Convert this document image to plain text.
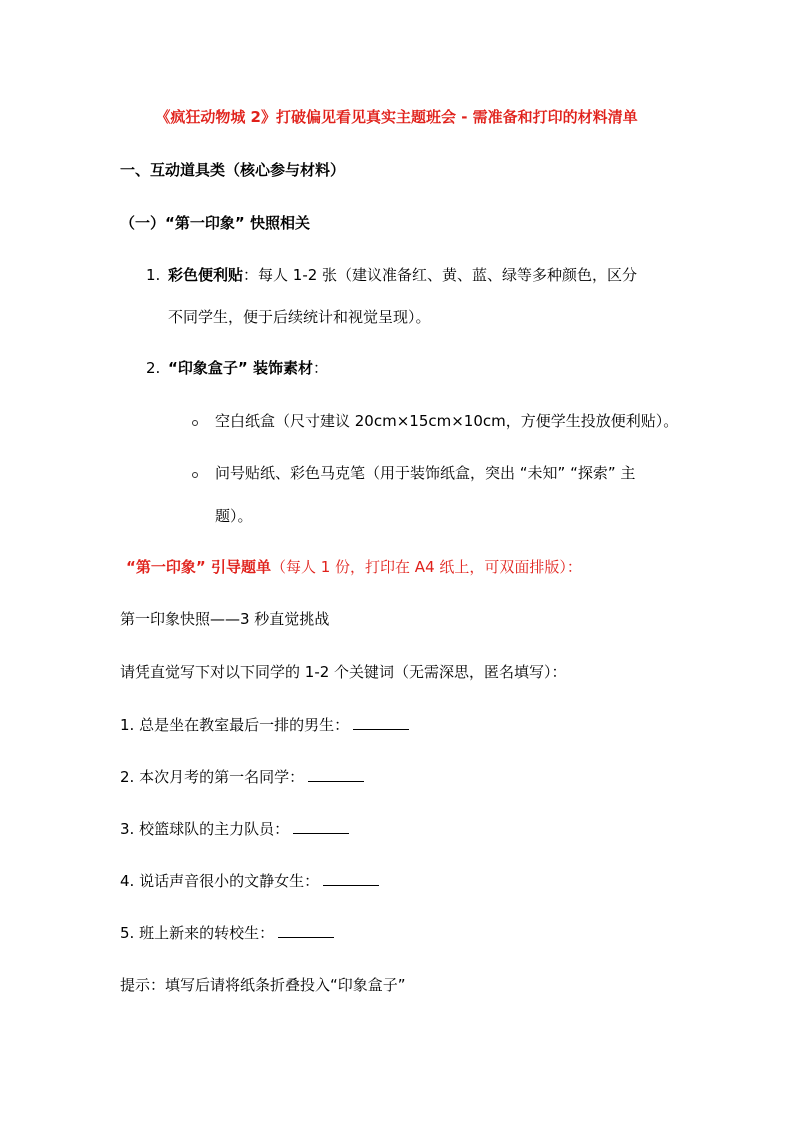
《疯狂动物城 2》打破偏见看见真实主题班会 - 需准备和打印的材料清单
一、互动道具类（核心参与材料）
（一）“第一印象” 快照相关
1. 彩色便利贴：每人 1-2 张（建议准备红、黄、蓝、绿等多种颜色，区分
不同学生，便于后续统计和视觉呈现）。
2. “印象盒子” 装饰素材：
空白纸盒（尺寸建议 20cm×15cm×10cm，方便学生投放便利贴）。
问号贴纸、彩色马克笔（用于装饰纸盒，突出 “未知” “探索” 主
题）。
“第一印象” 引导题单（每人 1 份，打印在 A4 纸上，可双面排版）：
第一印象快照——3 秒直觉挑战
请凭直觉写下对以下同学的 1-2 个关键词（无需深思，匿名填写）：
1. 总是坐在教室最后一排的男生：
2. 本次月考的第一名同学：
3. 校篮球队的主力队员：
4. 说话声音很小的文静女生：
5. 班上新来的转校生：
提示：填写后请将纸条折叠投入“印象盒子”
